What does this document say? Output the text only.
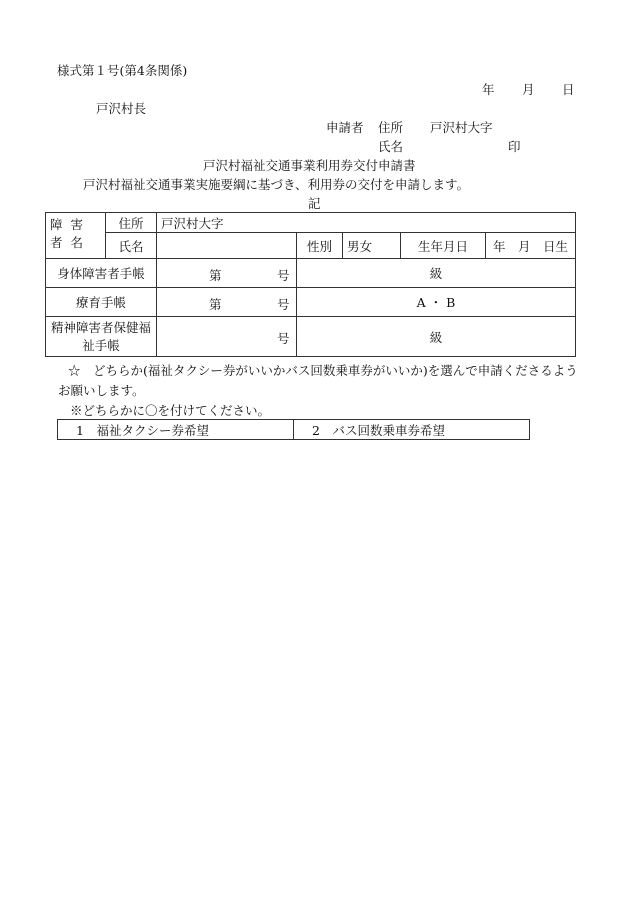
様式第１号(第4条関係)
年 月 日
戸沢村長
申請者 住所 戸沢村大字
氏名	印
戸沢村福祉交通事業利用券交付申請書
戸沢村福祉交通事業実施要綱に基づき、利用券の交付を申請します。
記
障 害 者 名	住所	戸沢村大字				
	氏名		性別	男女	生年月日	年　月　日生
身体障害者手帳		第 号	級			
療育手帳		第 号	A ・ B			
精神障害者保健福祉手帳		号	級			
☆　どちらか(福祉タクシー券がいいかバス回数乗車券がいいか)を選んで申請くださるようお願いします。
※どちらかに〇を付けてください。
1　福祉タクシー券希望	2　バス回数乗車券希望
